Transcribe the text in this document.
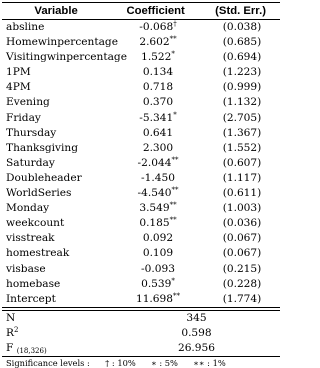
Variable	Coefficient	(Std. Err.)
absline	-0.068†	(0.038)
Homewinpercentage	2.602**	(0.685)
Visitingwinpercentage	1.522*	(0.694)
1PM	0.134	(1.223)
4PM	0.718	(0.999)
Evening	0.370	(1.132)
Friday	-5.341*	(2.705)
Thursday	0.641	(1.367)
Thanksgiving	2.300	(1.552)
Saturday	-2.044**	(0.607)
Doubleheader	-1.450	(1.117)
WorldSeries	-4.540**	(0.611)
Monday	3.549**	(1.003)
weekcount	0.185**	(0.036)
visstreak	0.092	(0.067)
homestreak	0.109	(0.067)
visbase	-0.093	(0.215)
homebase	0.539*	(0.228)
Intercept	11.698**	(1.774)
N	345
$R^2$	0.598
F $_{(18,326)}$	26.956
Significance levels : † : 10% ∗ : 5% ∗∗ : 1%
